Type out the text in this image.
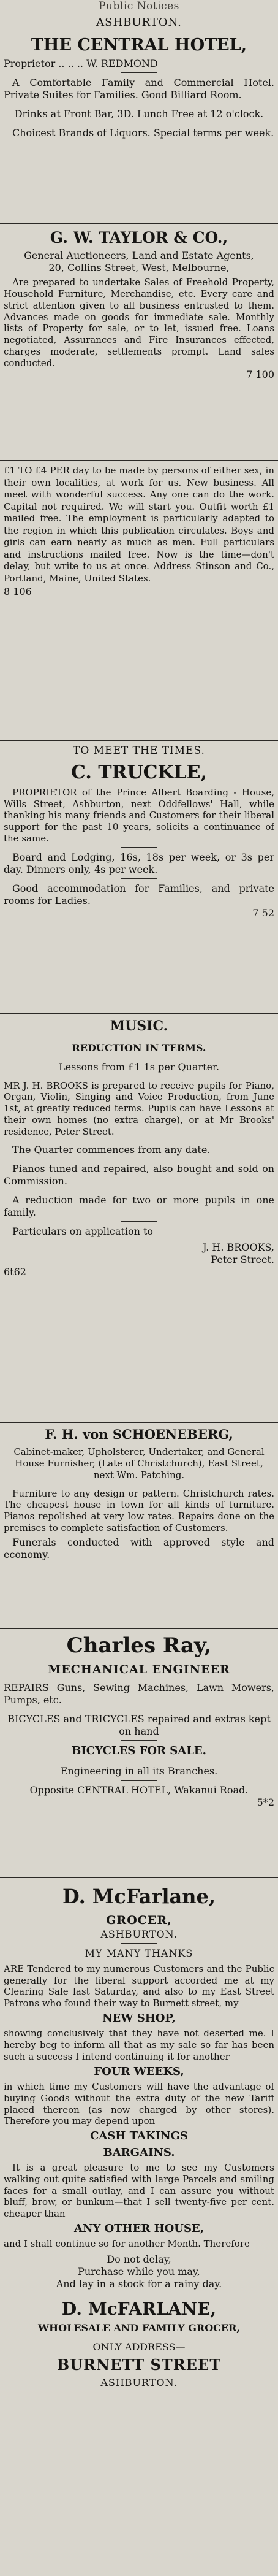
Public Notices

ASHBURTON.

THE CENTRAL HOTEL,

Proprietor .. .. .. W. REDMOND

A Comfortable Family and Commercial Hotel. Private Suites for Families. Good Billiard Room.

Drinks at Front Bar, 3D. Lunch Free at 12 o'clock.

Choicest Brands of Liquors. Special terms per week.

G. W. TAYLOR & CO.,

General Auctioneers, Land and Estate Agents,

20, Collins Street, West, Melbourne,

Are prepared to undertake Sales of Freehold Property, Household Furniture, Merchandise, etc. Every care and strict attention given to all business entrusted to them. Advances made on goods for immediate sale. Monthly lists of Property for sale, or to let, issued free. Loans negotiated, Assurances and Fire Insurances effected, charges moderate, settlements prompt. Land sales conducted.

7 100

£1 TO £4 PER day to be made by persons of either sex, in their own localities, at work for us. New business. All meet with wonderful success. Any one can do the work. Capital not required. We will start you. Outfit worth £1 mailed free. The employment is particularly adapted to the region in which this publication circulates. Boys and girls can earn nearly as much as men. Full particulars and instructions mailed free. Now is the time—don't delay, but write to us at once. Address Stinson and Co., Portland, Maine, United States.

8 106

TO MEET THE TIMES.

C. TRUCKLE,

PROPRIETOR of the Prince Albert Boarding - House, Wills Street, Ashburton, next Oddfellows' Hall, while thanking his many friends and Customers for their liberal support for the past 10 years, solicits a continuance of the same.

Board and Lodging, 16s, 18s per week, or 3s per day. Dinners only, 4s per week.

Good accommodation for Families, and private rooms for Ladies.

7 52

MUSIC.

REDUCTION IN TERMS.

Lessons from £1 1s per Quarter.

MR J. H. BROOKS is prepared to receive pupils for Piano, Organ, Violin, Singing and Voice Production, from June 1st, at greatly reduced terms. Pupils can have Lessons at their own homes (no extra charge), or at Mr Brooks' residence, Peter Street.

The Quarter commences from any date.

Pianos tuned and repaired, also bought and sold on Commission.

A reduction made for two or more pupils in one family.

Particulars on application to

J. H. BROOKS,

Peter Street.

6t62

F. H. von SCHOENEBERG,

Cabinet-maker, Upholsterer, Undertaker, and General House Furnisher, (Late of Christchurch), East Street, next Wm. Patching.

Furniture to any design or pattern. Christchurch rates. The cheapest house in town for all kinds of furniture. Pianos repolished at very low rates. Repairs done on the premises to complete satisfaction of Customers.

Funerals conducted with approved style and economy.

Charles Ray,

MECHANICAL ENGINEER

REPAIRS Guns, Sewing Machines, Lawn Mowers, Pumps, etc.

BICYCLES and TRICYCLES repaired and extras kept on hand

BICYCLES FOR SALE.

Engineering in all its Branches.

Opposite CENTRAL HOTEL, Wakanui Road.

5*2

D. McFarlane,

GROCER,

ASHBURTON.

MY MANY THANKS

ARE Tendered to my numerous Customers and the Public generally for the liberal support accorded me at my Clearing Sale last Saturday, and also to my East Street Patrons who found their way to Burnett street, my

NEW SHOP,

showing conclusively that they have not deserted me. I hereby beg to inform all that as my sale so far has been such a success I intend continuing it for another

FOUR WEEKS,

in which time my Customers will have the advantage of buying Goods without the extra duty of the new Tariff placed thereon (as now charged by other stores). Therefore you may depend upon

CASH TAKINGS

BARGAINS.

It is a great pleasure to me to see my Customers walking out quite satisfied with large Parcels and smiling faces for a small outlay, and I can assure you without bluff, brow, or bunkum—that I sell twenty-five per cent. cheaper than

ANY OTHER HOUSE,

and I shall continue so for another Month. Therefore

Do not delay,

Purchase while you may,

And lay in a stock for a rainy day.

D. McFARLANE,

WHOLESALE AND FAMILY GROCER,

ONLY ADDRESS—

BURNETT STREET

ASHBURTON.
